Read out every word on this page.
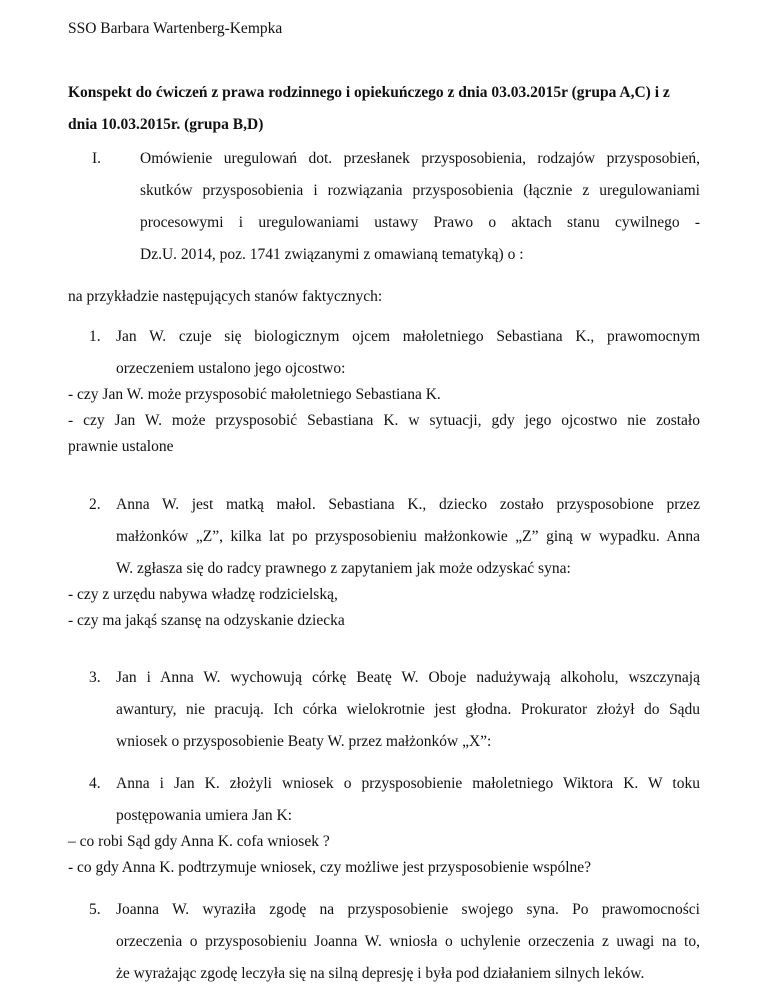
SSO Barbara Wartenberg-Kempka
Konspekt do ćwiczeń z prawa rodzinnego i opiekuńczego z dnia 03.03.2015r (grupa A,C) i z
dnia 10.03.2015r. (grupa B,D)
I.	Omówienie uregulowań dot. przesłanek przysposobienia, rodzajów przysposobień,
skutków przysposobienia i rozwiązania przysposobienia (łącznie z uregulowaniami
procesowymi i uregulowaniami ustawy Prawo o aktach stanu cywilnego -
Dz.U. 2014, poz. 1741 związanymi z omawianą tematyką) o :
na przykładzie następujących stanów faktycznych:
1. Jan W. czuje się biologicznym ojcem małoletniego Sebastiana K., prawomocnym
orzeczeniem ustalono jego ojcostwo:
- czy Jan W. może przysposobić małoletniego Sebastiana K.
- czy Jan W. może przysposobić Sebastiana K. w sytuacji, gdy jego ojcostwo nie zostało
prawnie ustalone
2. Anna W. jest matką małol. Sebastiana K., dziecko zostało przysposobione przez
małżonków „Z”, kilka lat po przysposobieniu małżonkowie „Z” giną w wypadku. Anna
W. zgłasza się do radcy prawnego z zapytaniem jak może odzyskać syna:
- czy z urzędu nabywa władzę rodzicielską,
- czy ma jakąś szansę na odzyskanie dziecka
3. Jan i Anna W. wychowują córkę Beatę W. Oboje nadużywają alkoholu, wszczynają
awantury, nie pracują. Ich córka wielokrotnie jest głodna. Prokurator złożył do Sądu
wniosek o przysposobienie Beaty W. przez małżonków „X”:
4. Anna i Jan K. złożyli wniosek o przysposobienie małoletniego Wiktora K. W toku
postępowania umiera Jan K:
– co robi Sąd gdy Anna K. cofa wniosek ?
- co gdy Anna K. podtrzymuje wniosek, czy możliwe jest przysposobienie wspólne?
5. Joanna W. wyraziła zgodę na przysposobienie swojego syna. Po prawomocności
orzeczenia o przysposobieniu Joanna W. wniosła o uchylenie orzeczenia z uwagi na to,
że wyrażając zgodę leczyła się na silną depresję i była pod działaniem silnych leków.
